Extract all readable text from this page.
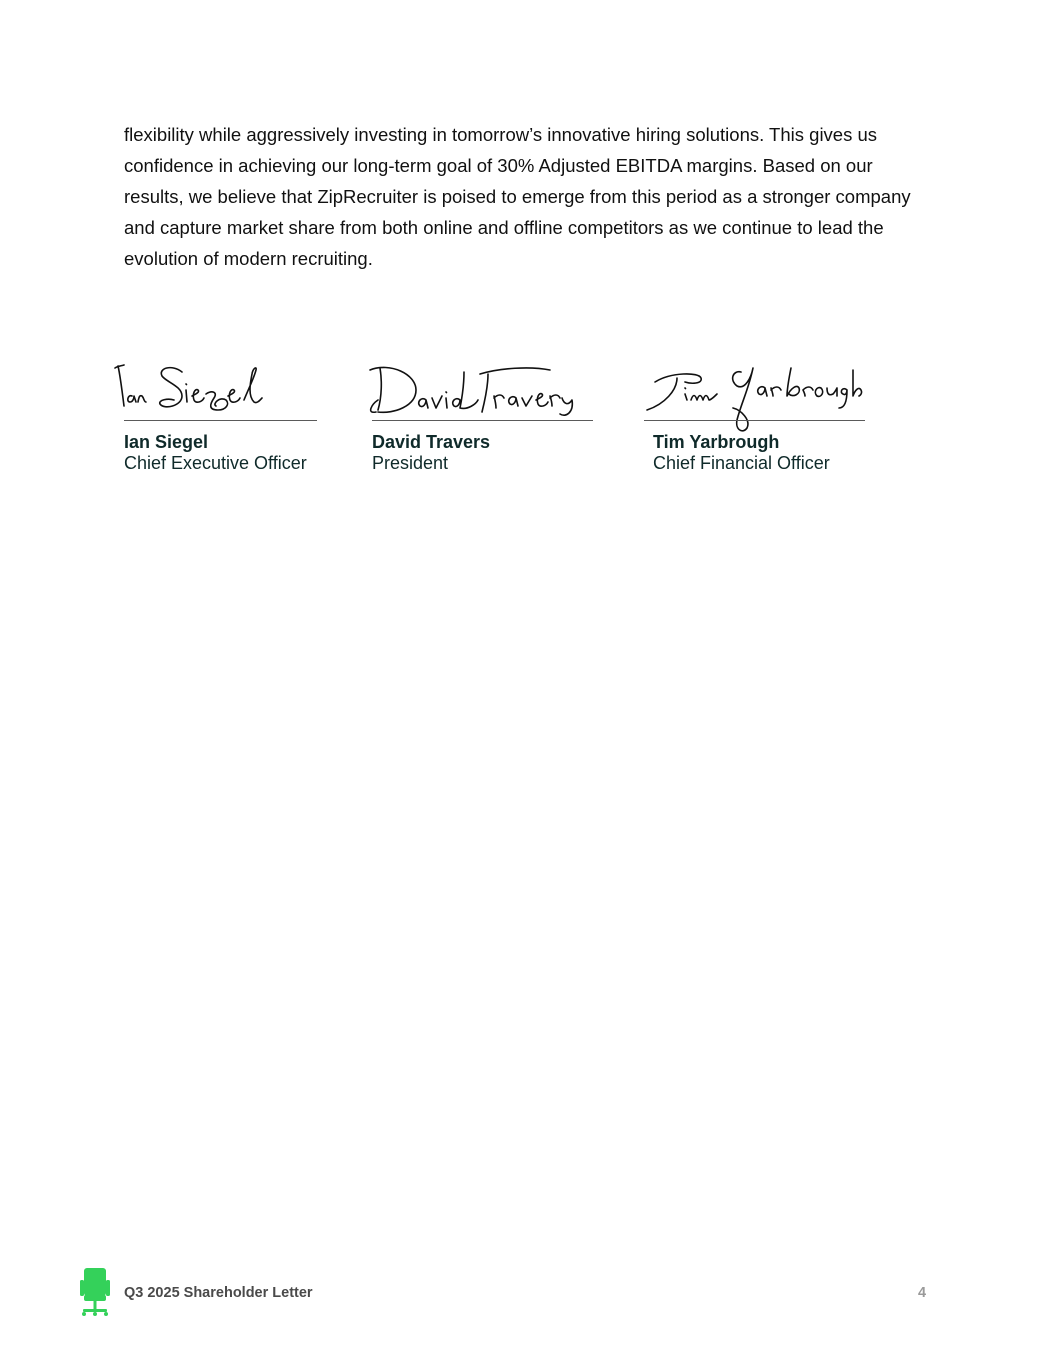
flexibility while aggressively investing in tomorrow’s innovative hiring solutions. This gives us confidence in achieving our long-term goal of 30% Adjusted EBITDA margins. Based on our results, we believe that ZipRecruiter is poised to emerge from this period as a stronger company and capture market share from both online and offline competitors as we continue to lead the evolution of modern recruiting.

Ian Siegel
Chief Executive Officer
David Travers
President
Tim Yarbrough
Chief Financial Officer
Q3 2025 Shareholder Letter	4
